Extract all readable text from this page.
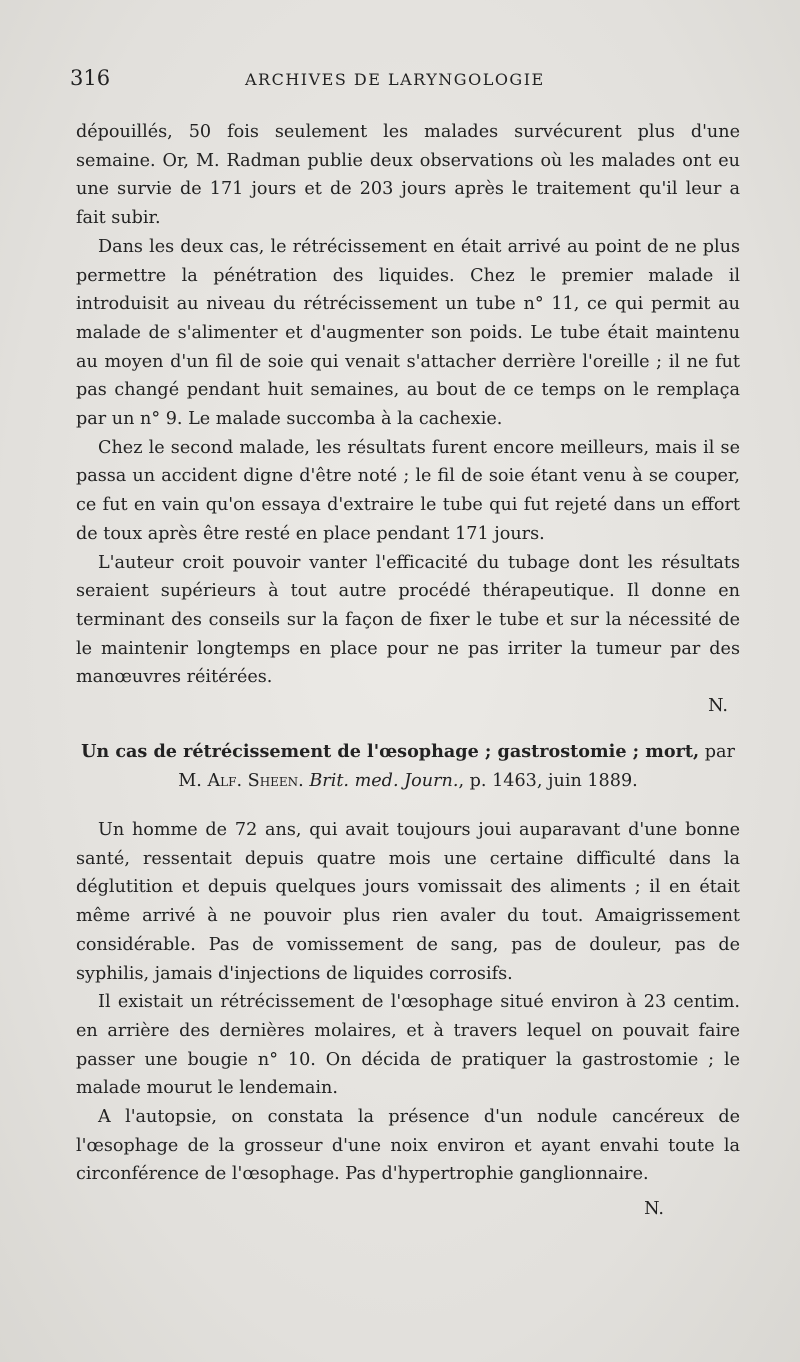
316	ARCHIVES DE LARYNGOLOGIE

dépouillés, 50 fois seulement les malades survécurent plus d'une semaine. Or, M. Radman publie deux observations où les malades ont eu une survie de 171 jours et de 203 jours après le traitement qu'il leur a fait subir.

Dans les deux cas, le rétrécissement en était arrivé au point de ne plus permettre la pénétration des liquides. Chez le premier malade il introduisit au niveau du rétrécissement un tube n° 11, ce qui permit au malade de s'alimenter et d'augmenter son poids. Le tube était maintenu au moyen d'un fil de soie qui venait s'attacher derrière l'oreille ; il ne fut pas changé pendant huit semaines, au bout de ce temps on le remplaça par un n° 9. Le malade succomba à la cachexie.

Chez le second malade, les résultats furent encore meilleurs, mais il se passa un accident digne d'être noté ; le fil de soie étant venu à se couper, ce fut en vain qu'on essaya d'extraire le tube qui fut rejeté dans un effort de toux après être resté en place pendant 171 jours.

L'auteur croit pouvoir vanter l'efficacité du tubage dont les résultats seraient supérieurs à tout autre procédé thérapeutique. Il donne en terminant des conseils sur la façon de fixer le tube et sur la nécessité de le maintenir longtemps en place pour ne pas irriter la tumeur par des manœuvres réitérées.

N.

Un cas de rétrécissement de l'œsophage ; gastrostomie ; mort, par
M. Alf. Sheen. Brit. med. Journ., p. 1463, juin 1889.

Un homme de 72 ans, qui avait toujours joui auparavant d'une bonne santé, ressentait depuis quatre mois une certaine difficulté dans la déglutition et depuis quelques jours vomissait des aliments ; il en était même arrivé à ne pouvoir plus rien avaler du tout. Amaigrissement considérable. Pas de vomissement de sang, pas de douleur, pas de syphilis, jamais d'injections de liquides corrosifs.

Il existait un rétrécissement de l'œsophage situé environ à 23 centim. en arrière des dernières molaires, et à travers lequel on pouvait faire passer une bougie n° 10. On décida de pratiquer la gastrostomie ; le malade mourut le lendemain.

A l'autopsie, on constata la présence d'un nodule cancéreux de l'œsophage de la grosseur d'une noix environ et ayant envahi toute la circonférence de l'œsophage. Pas d'hypertrophie ganglionnaire.

N.
